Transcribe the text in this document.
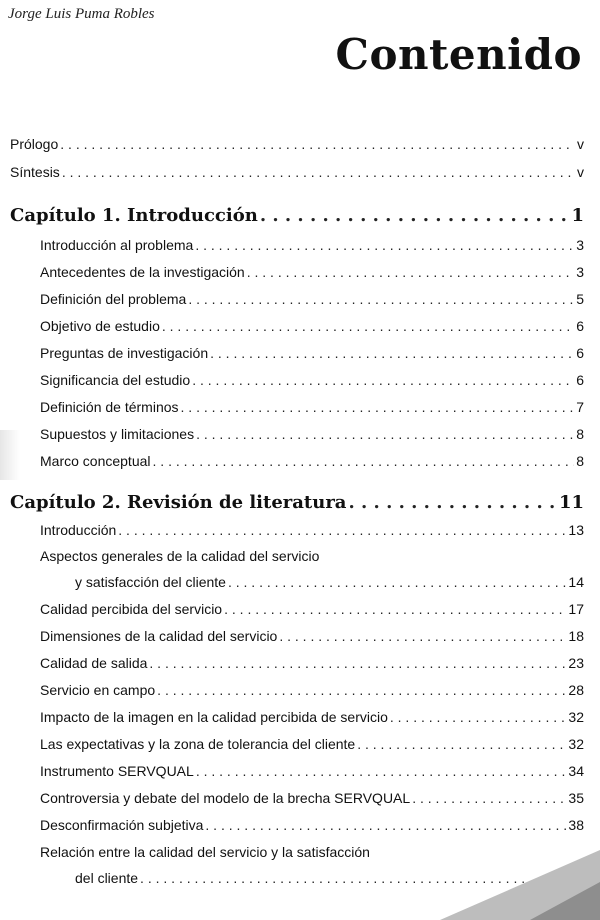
Jorge Luis Puma Robles
Contenido
Prólogo . . .	v
Síntesis . . .	v
Capítulo 1. Introducción . . .	1
Introducción al problema . . .	3
Antecedentes de la investigación . . .	3
Definición del problema . . .	5
Objetivo de estudio . . .	6
Preguntas de investigación . . .	6
Significancia del estudio . . .	6
Definición de términos . . .	7
Supuestos y limitaciones . . .	8
Marco conceptual . . .	8
Capítulo 2. Revisión de literatura . . .	11
Introducción . . .	13
Aspectos generales de la calidad del servicio
y satisfacción del cliente . . .	14
Calidad percibida del servicio . . .	17
Dimensiones de la calidad del servicio . . .	18
Calidad de salida . . .	23
Servicio en campo . . .	28
Impacto de la imagen en la calidad percibida de servicio . . .	32
Las expectativas y la zona de tolerancia del cliente . . .	32
Instrumento SERVQUAL . . .	34
Controversia y debate del modelo de la brecha SERVQUAL . . .	35
Desconfirmación subjetiva . . .	38
Relación entre la calidad del servicio y la satisfacción
del cliente . . .	39
